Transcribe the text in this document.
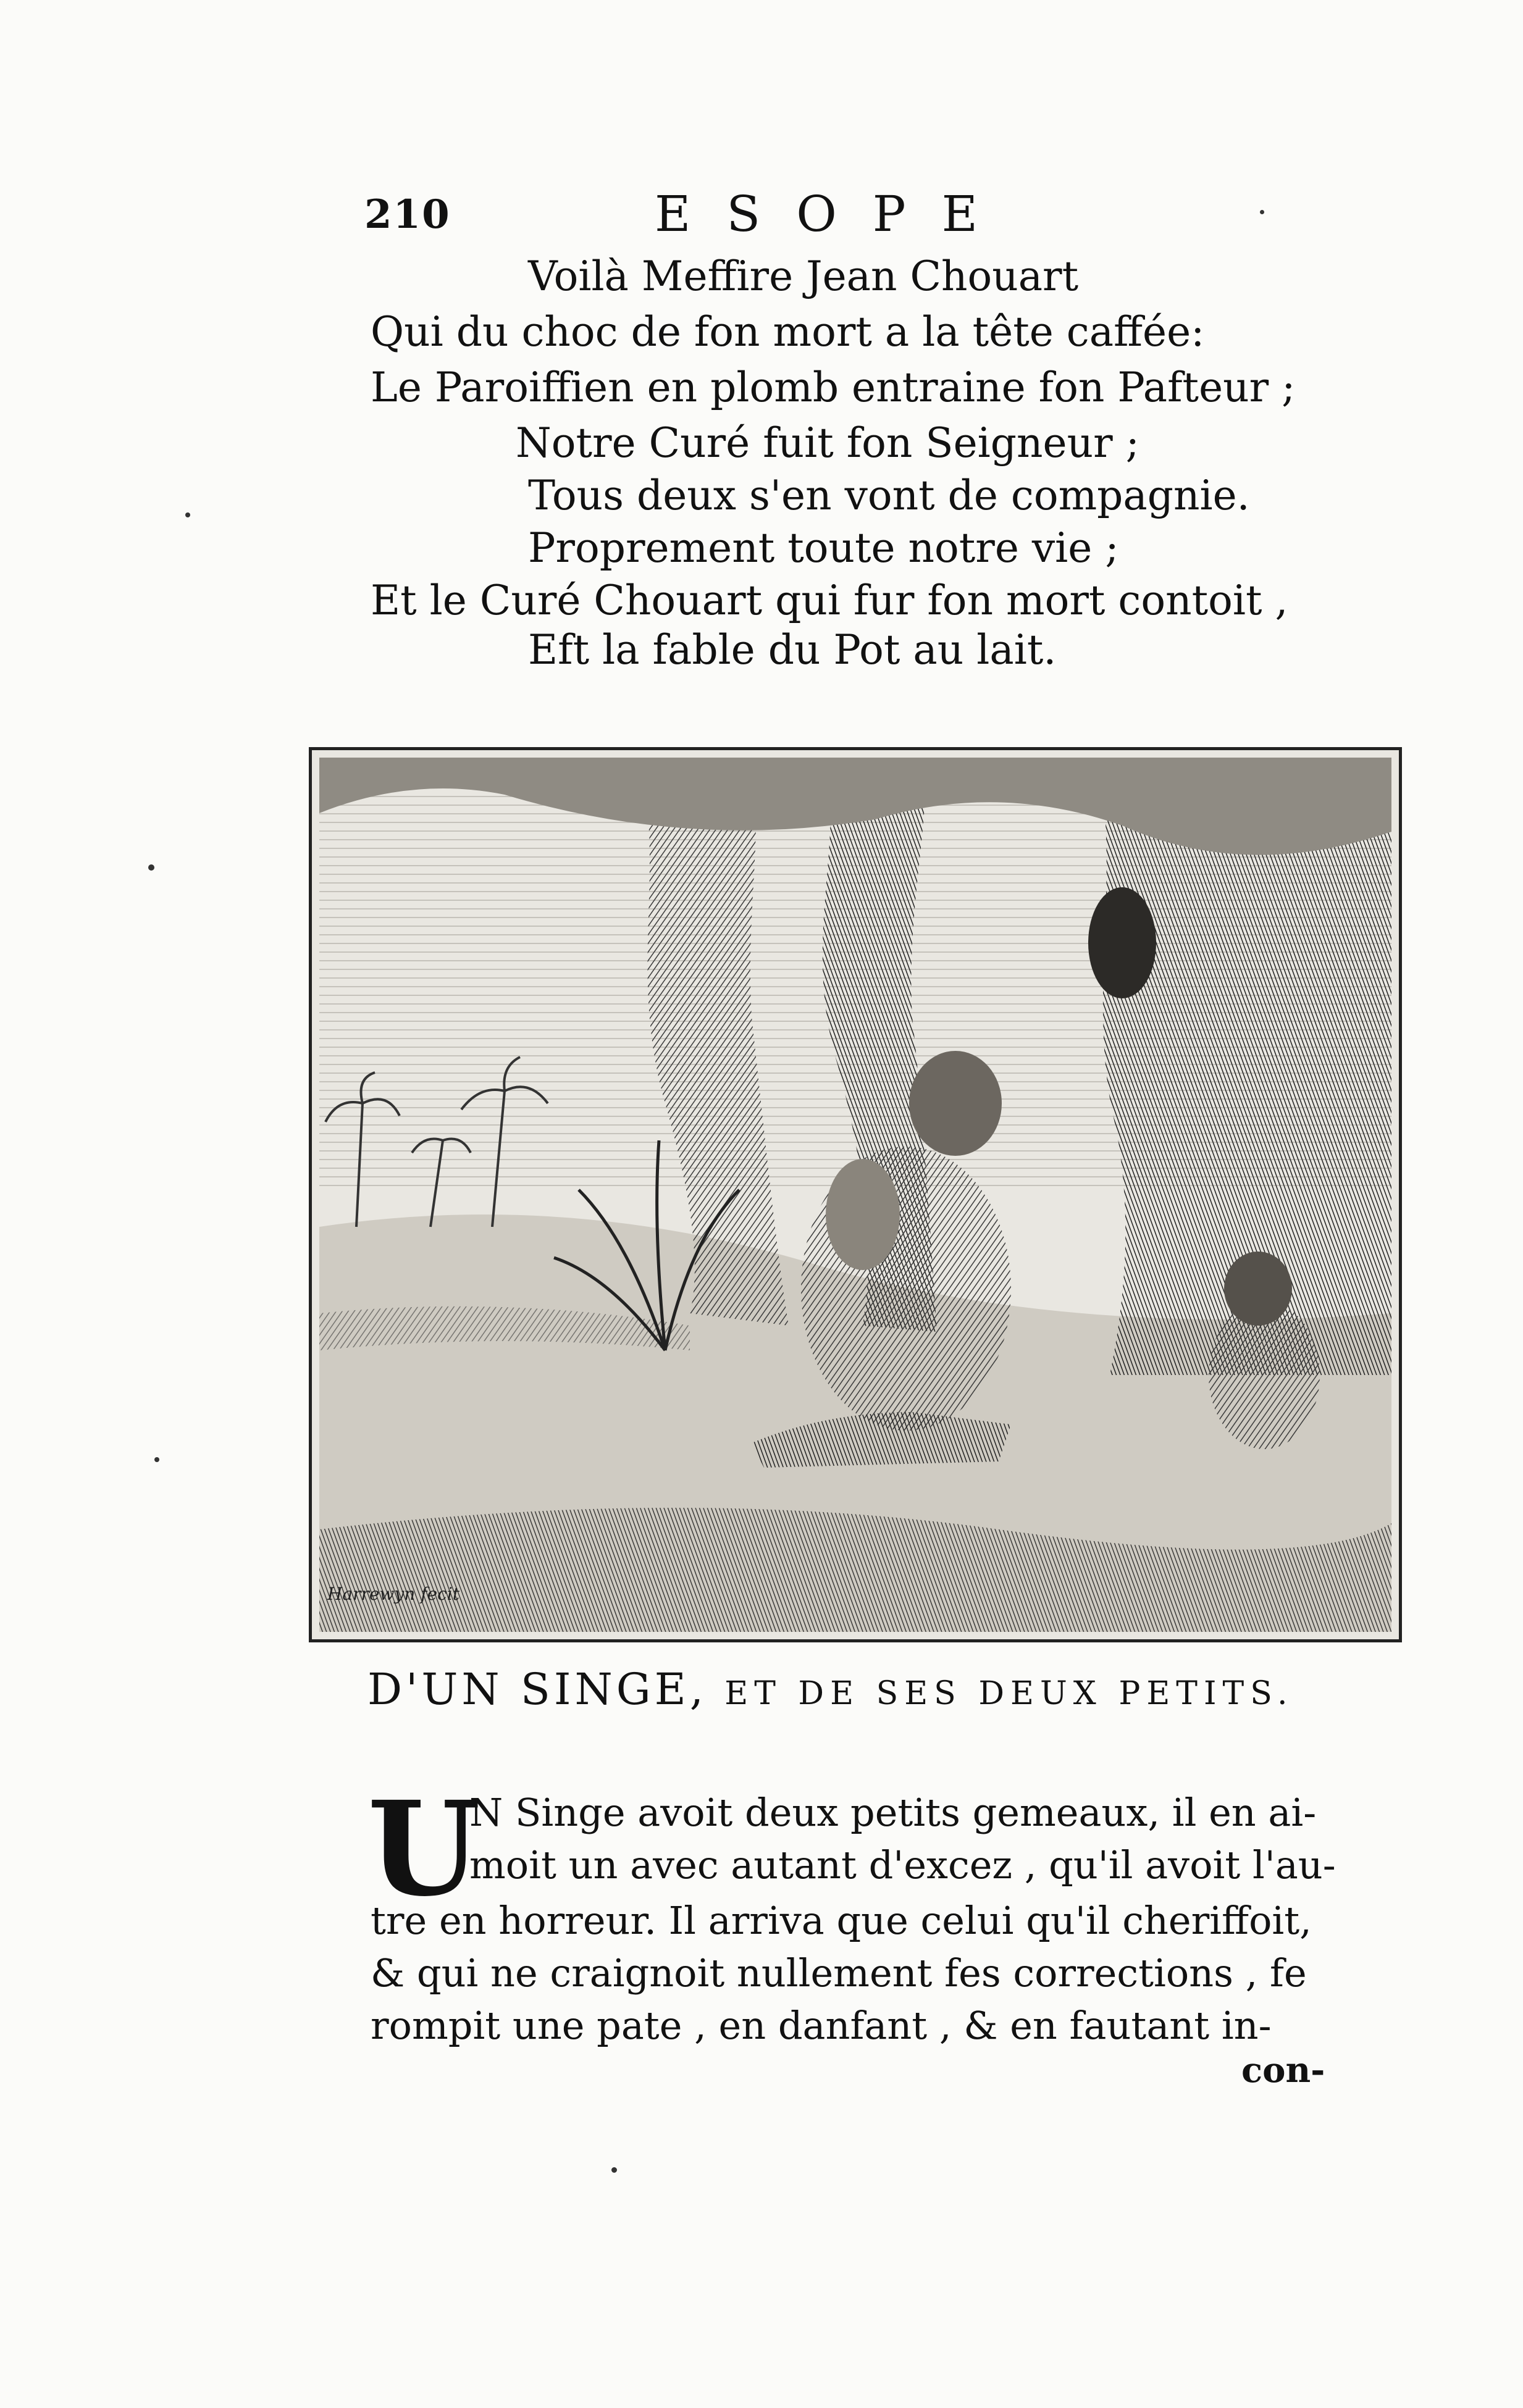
210	ESOPE
Voilà Meffire Jean Chouart
Qui du choc de fon mort a la tête caffée:
Le Paroiffien en plomb entraine fon Pafteur ;
Notre Curé fuit fon Seigneur ;
Tous deux s'en vont de compagnie.
Proprement toute notre vie ;
Et le Curé Chouart qui fur fon mort contoit ,
Eft la fable du Pot au lait.
Harrewyn fecit
D'UN SINGE, ET DE SES DEUX PETITS.
U
N Singe avoit deux petits gemeaux, il en ai-
moit un avec autant d'excez , qu'il avoit l'au-
tre en horreur. Il arriva que celui qu'il cheriffoit,
& qui ne craignoit nullement fes corrections , fe
rompit une pate , en danfant , & en fautant in-
con-
